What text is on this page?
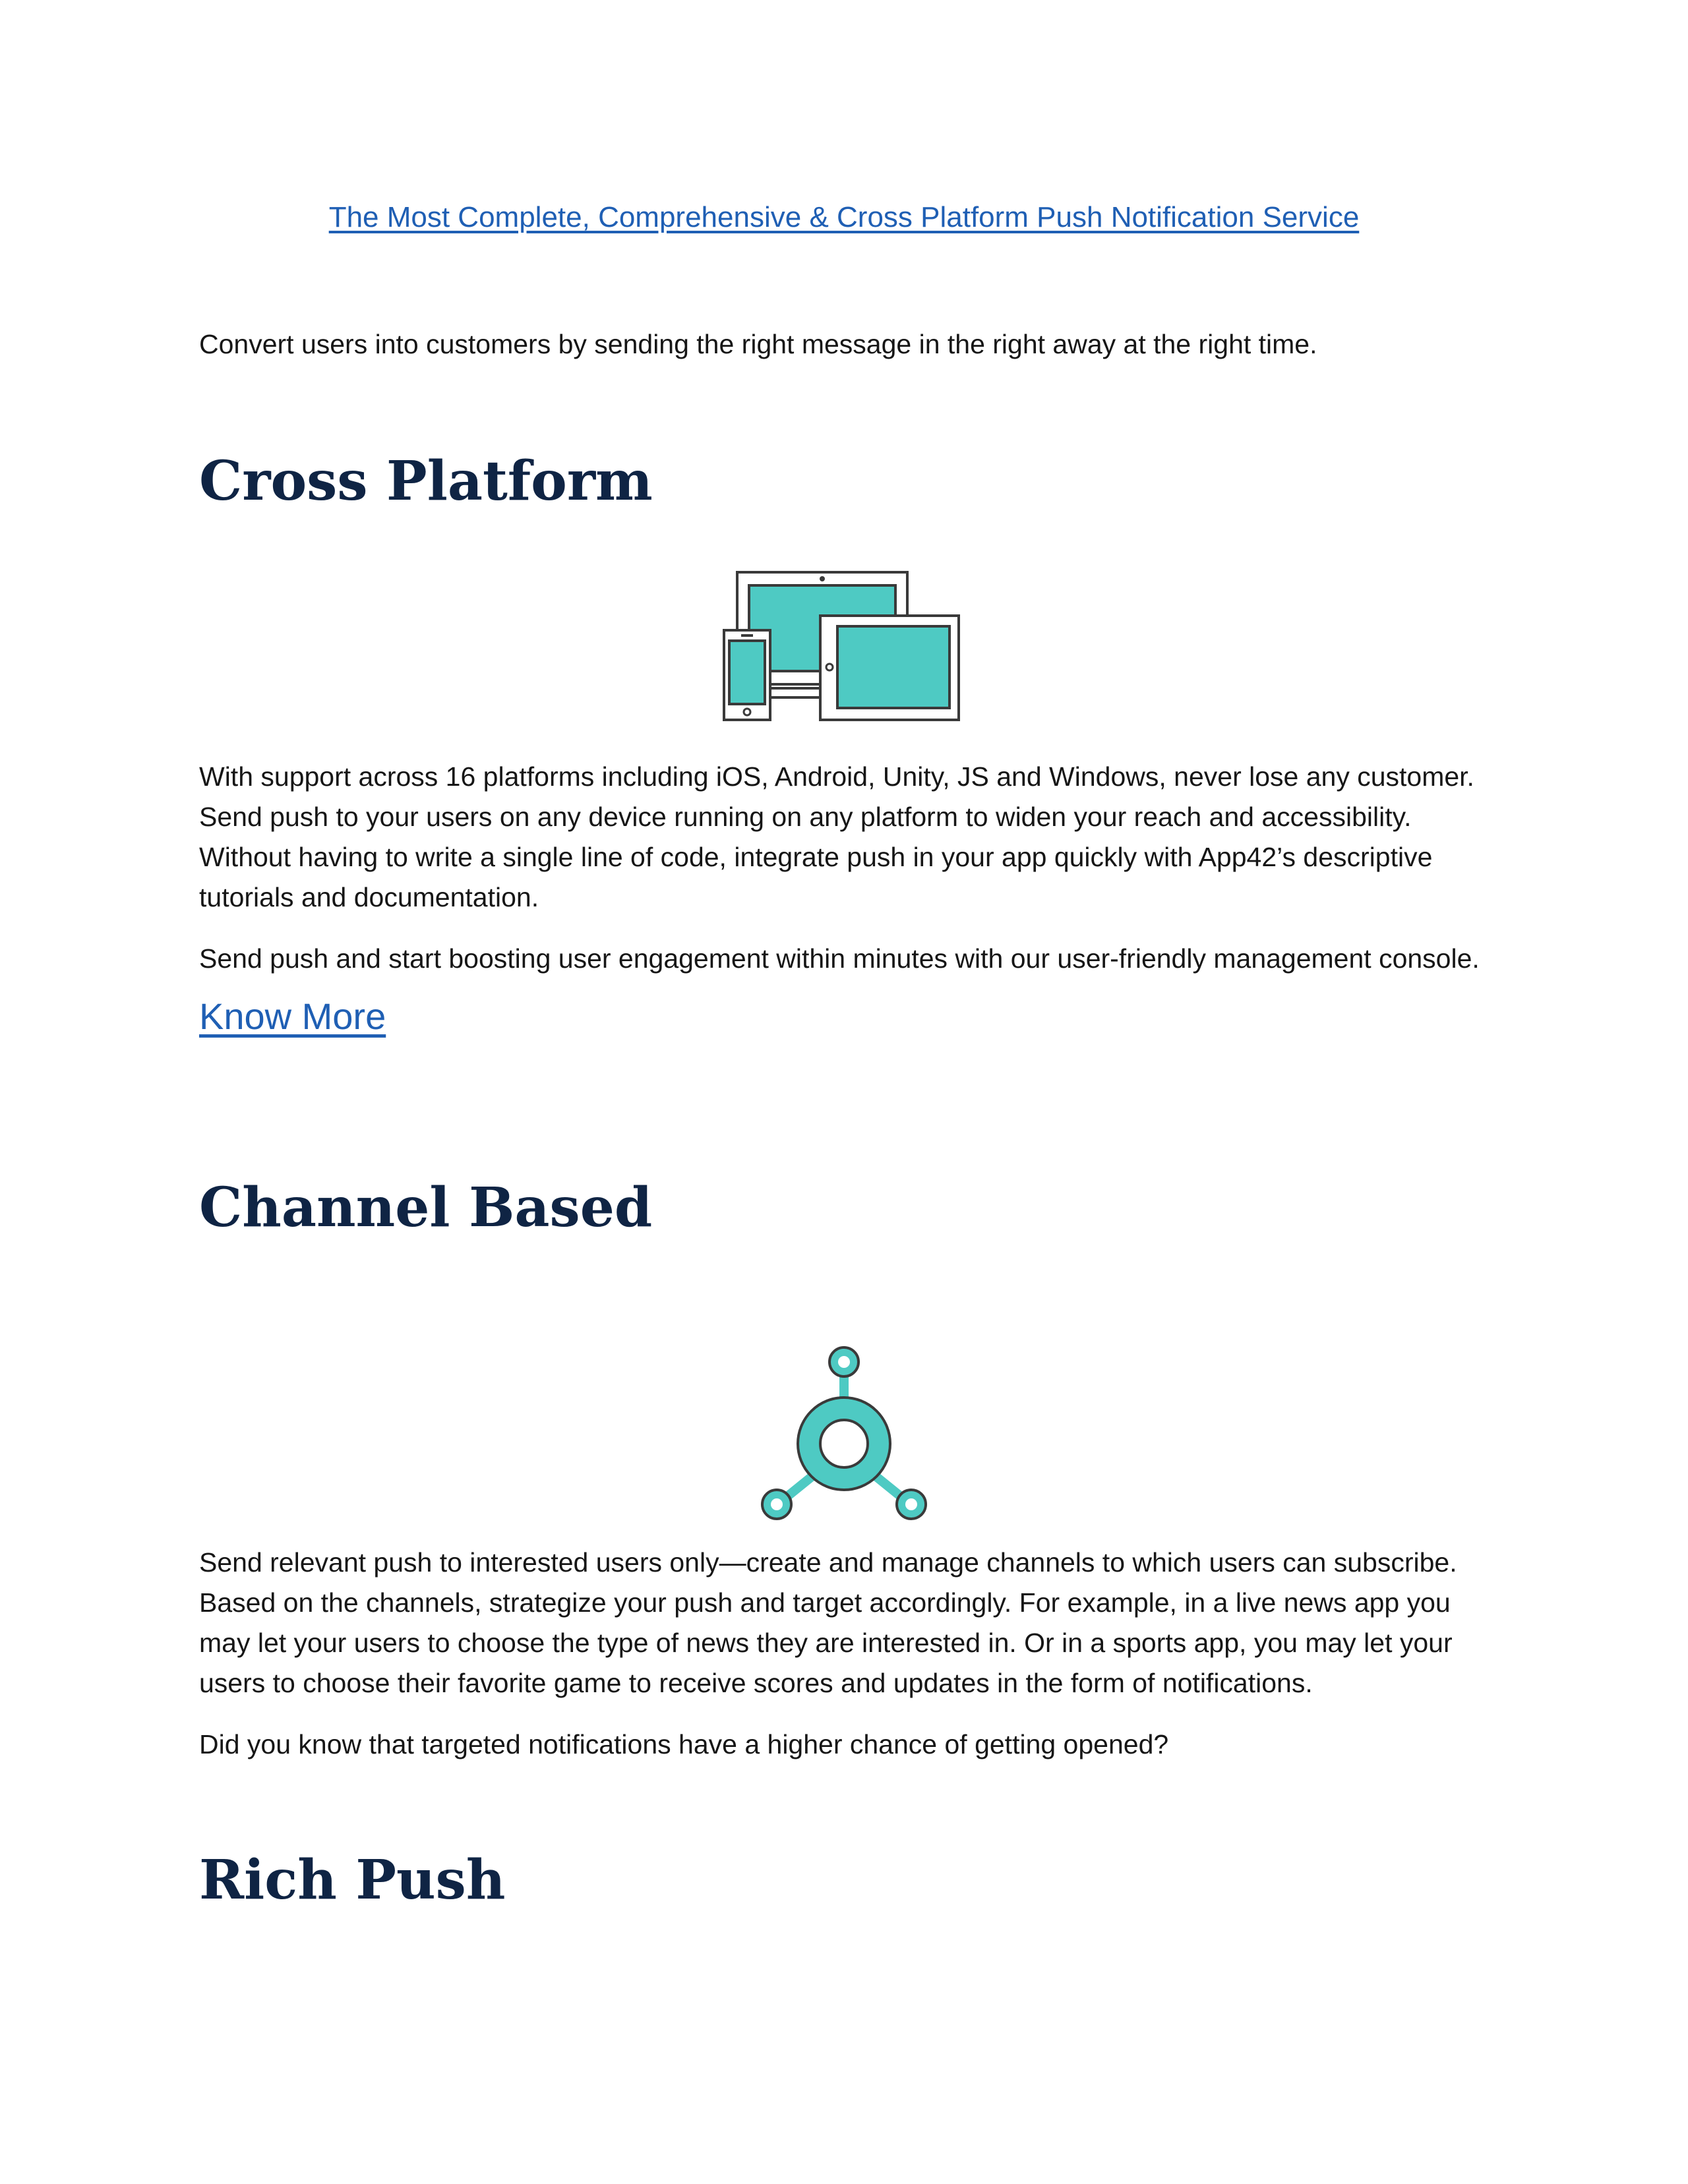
The Most Complete, Comprehensive & Cross Platform Push Notification Service

Convert users into customers by sending the right message in the right away at the right time.

Cross Platform

With support across 16 platforms including iOS, Android, Unity, JS and Windows, never lose any customer. Send push to your users on any device running on any platform to widen your reach and accessibility. Without having to write a single line of code, integrate push in your app quickly with App42’s descriptive tutorials and documentation.

Send push and start boosting user engagement within minutes with our user-friendly management console.

Know More
Channel Based

Send relevant push to interested users only—create and manage channels to which users can subscribe. Based on the channels, strategize your push and target accordingly. For example, in a live news app you may let your users to choose the type of news they are interested in. Or in a sports app, you may let your users to choose their favorite game to receive scores and updates in the form of notifications.

Did you know that targeted notifications have a higher chance of getting opened?

Rich Push
